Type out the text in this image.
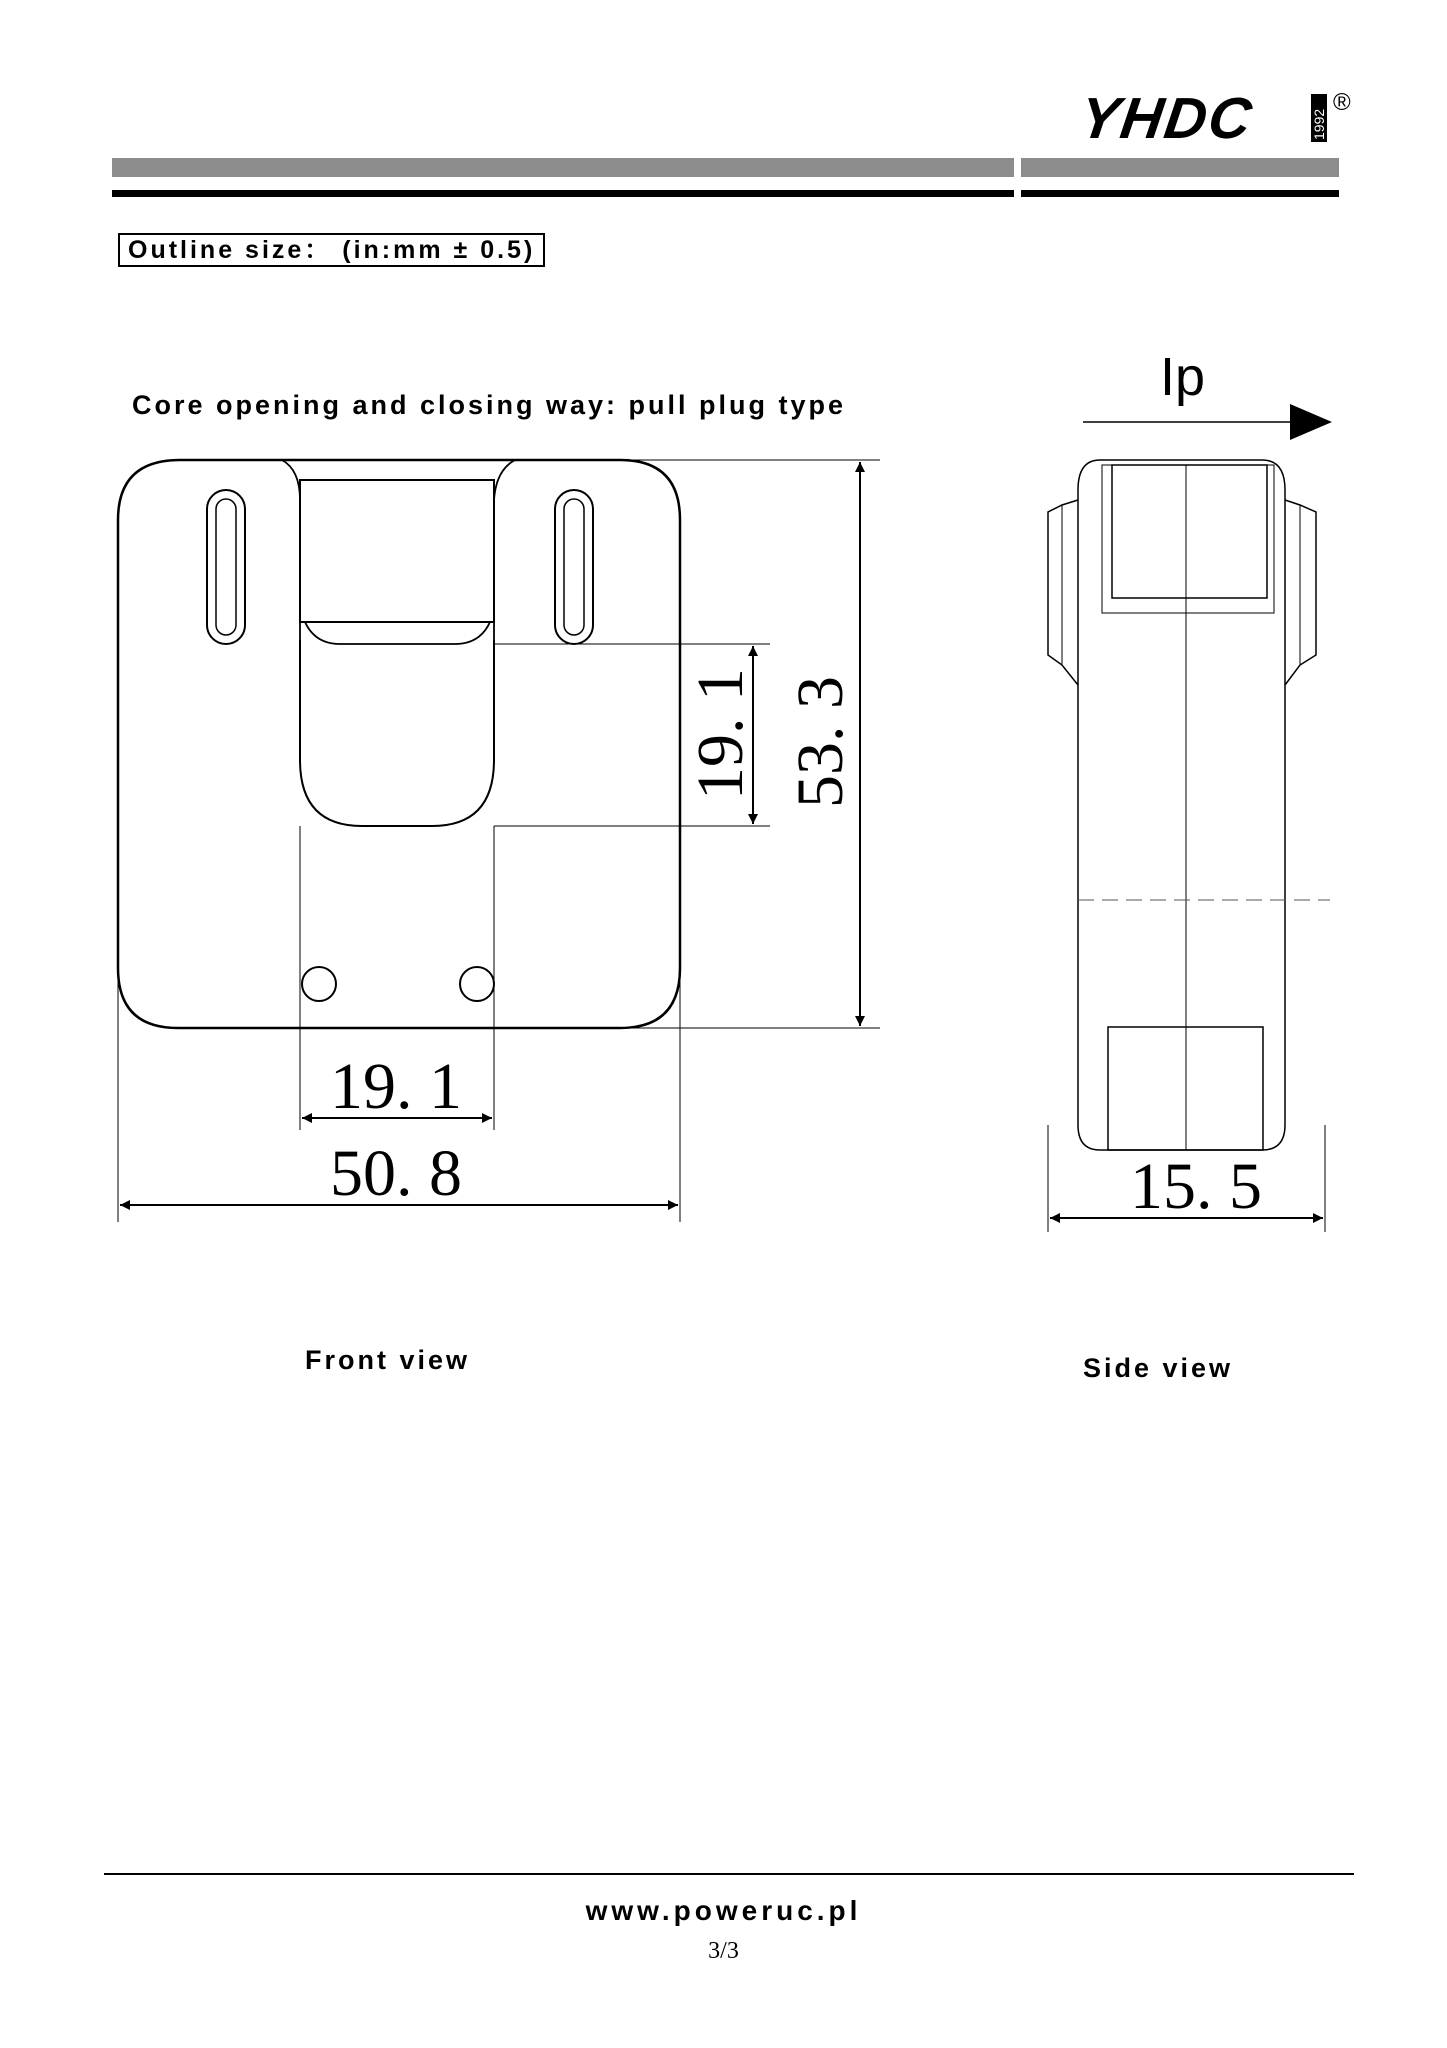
YHDC	1992
®
Outline size： (in:mm ± 0.5)
Core opening and closing way: pull plug type
19. 1
50. 8
19. 1 53. 3
Ip
15. 5
Front view	Side view
www.poweruc.pl
3/3
